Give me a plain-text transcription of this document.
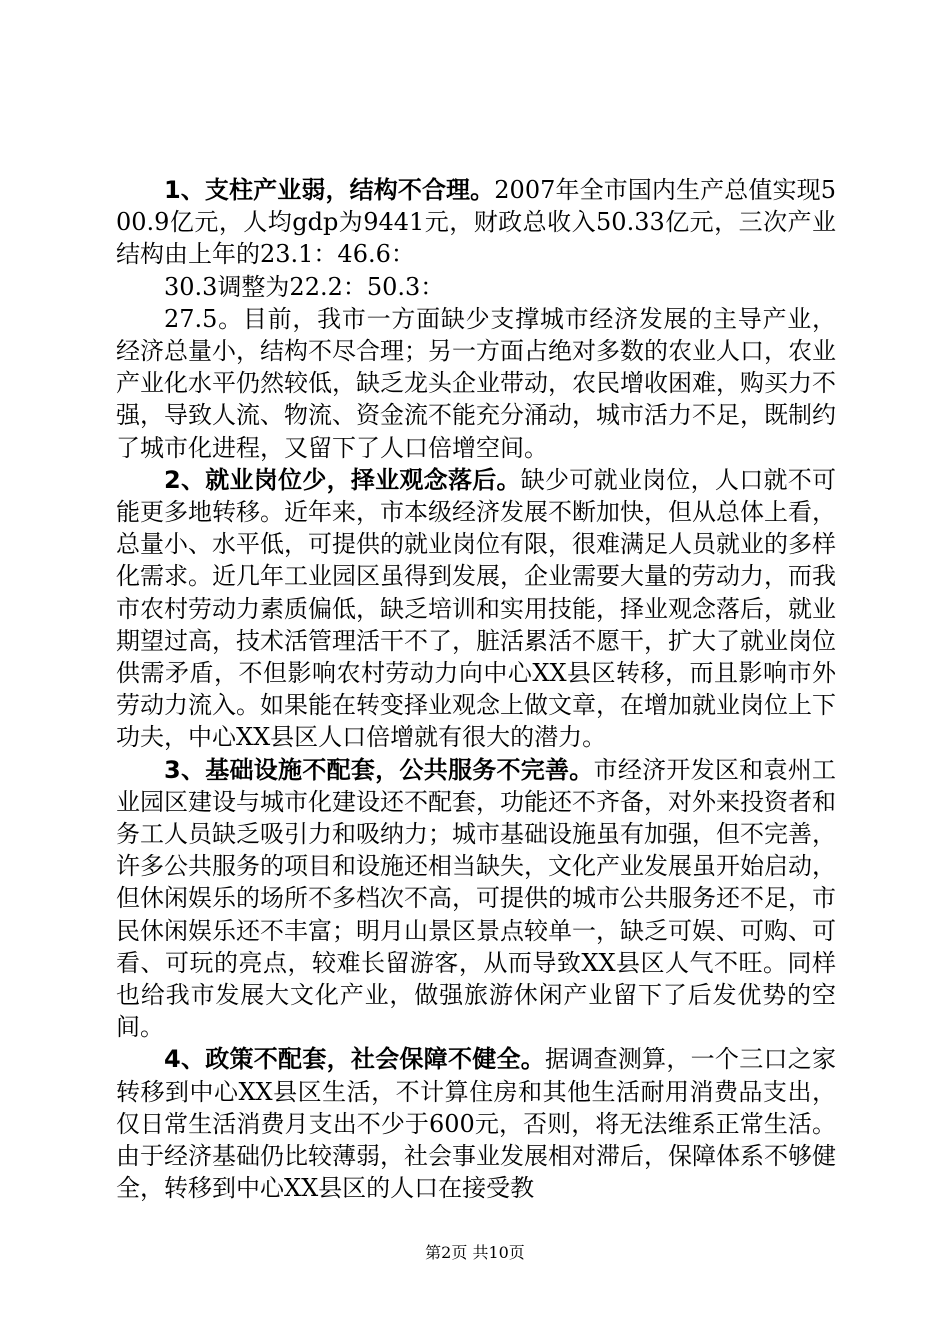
1、支柱产业弱，结构不合理。2007年全市国内生产总值实现500.9亿元，人均gdp为9441元，财政总收入50.33亿元，三次产业结构由上年的23.1：46.6：

30.3调整为22.2：50.3：

27.5。目前，我市一方面缺少支撑城市经济发展的主导产业，经济总量小，结构不尽合理；另一方面占绝对多数的农业人口，农业产业化水平仍然较低，缺乏龙头企业带动，农民增收困难，购买力不强，导致人流、物流、资金流不能充分涌动，城市活力不足，既制约了城市化进程，又留下了人口倍增空间。

2、就业岗位少，择业观念落后。缺少可就业岗位，人口就不可能更多地转移。近年来，市本级经济发展不断加快，但从总体上看，总量小、水平低，可提供的就业岗位有限，很难满足人员就业的多样化需求。近几年工业园区虽得到发展，企业需要大量的劳动力，而我市农村劳动力素质偏低，缺乏培训和实用技能，择业观念落后，就业期望过高，技术活管理活干不了，脏活累活不愿干，扩大了就业岗位供需矛盾，不但影响农村劳动力向中心XX县区转移，而且影响市外劳动力流入。如果能在转变择业观念上做文章，在增加就业岗位上下功夫，中心XX县区人口倍增就有很大的潜力。

3、基础设施不配套，公共服务不完善。市经济开发区和袁州工业园区建设与城市化建设还不配套，功能还不齐备，对外来投资者和务工人员缺乏吸引力和吸纳力；城市基础设施虽有加强，但不完善，许多公共服务的项目和设施还相当缺失，文化产业发展虽开始启动，但休闲娱乐的场所不多档次不高，可提供的城市公共服务还不足，市民休闲娱乐还不丰富；明月山景区景点较单一，缺乏可娱、可购、可看、可玩的亮点，较难长留游客，从而导致XX县区人气不旺。同样也给我市发展大文化产业，做强旅游休闲产业留下了后发优势的空间。

4、政策不配套，社会保障不健全。据调查测算，一个三口之家转移到中心XX县区生活，不计算住房和其他生活耐用消费品支出，仅日常生活消费月支出不少于600元，否则，将无法维系正常生活。由于经济基础仍比较薄弱，社会事业发展相对滞后，保障体系不够健全，转移到中心XX县区的人口在接受教

第2页 共10页
